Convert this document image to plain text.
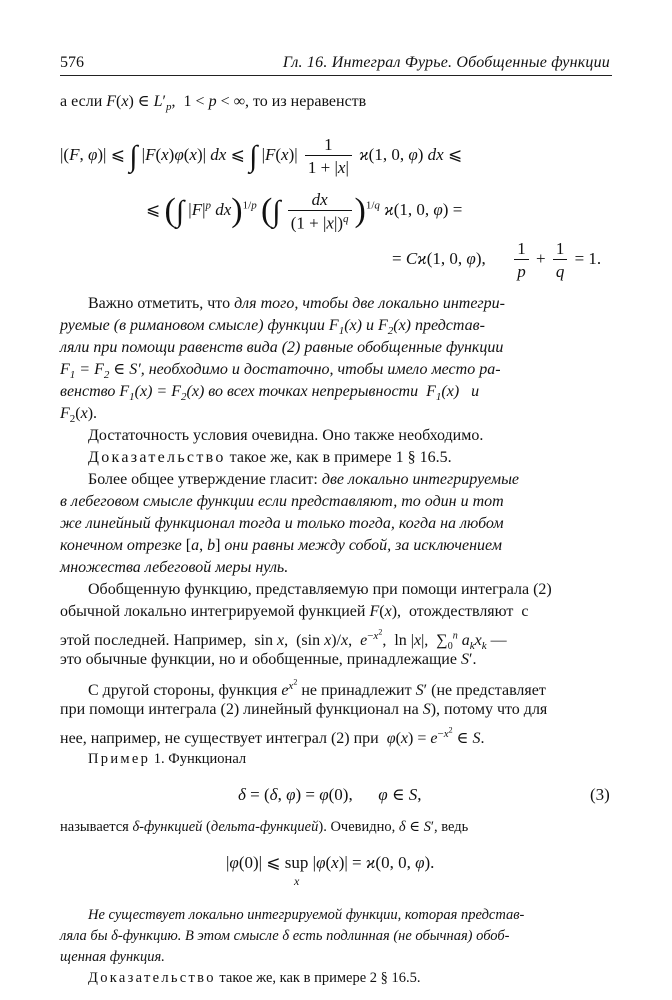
576	Гл. 16. Интеграл Фурье. Обобщенные функции
а если F(x) ∈ $L'_p$,  1 < p < ∞, то из неравенств
|(F, φ)| ⩽ ∫ |F(x)φ(x)| dx ⩽ ∫ $|F(x)| \frac{1}{1 + |x|} ϰ(1$, 0, φ) dx ⩽
⩽ (∫ $|F|^p$ dx)$^{1/p}$ (∫ $\frac{dx}{(1 + |x|)^q} )^{1/q}$ ϰ(1, 0, φ) =
= Cϰ(1, 0, φ), $\frac{1}{p} + \frac{1}{q} = 1$.
Важно отметить, что для того, чтобы две локально интегри-
руемые (в римановом смысле) функции $F_1(x)$ и $F_2(x)$ представ-
ляли при помощи равенств вида (2) равные обобщенные функции
$F_1 = F_2$ ∈ S′, необходимо и достаточно, чтобы имело место ра-
венство $F_1(x) = F_2(x)$ во всех точках непрерывности  $F_1(x)$   и
$F_2(x)$.
Достаточность условия очевидна. Оно также необходимо.
Доказательство такое же, как в примере 1 § 16.5.
Более общее утверждение гласит: две локально интегрируемые
в лебеговом смысле функции если представляют, то один и тот
же линейный функционал тогда и только тогда, когда на любом
конечном отрезке [a, b] они равны между собой, за исключением
множества лебеговой меры нуль.
Обобщенную функцию, представляемую при помощи интеграла (2)
обычной локально интегрируемой функцией F(x),  отождествляют  с
этой последней. Например,  sin x,  (sin x)/x,  $e^{-x^2}$,  ln |x|,  $\sum_0^n$ $a_kx_k$ —
это обычные функции, но и обобщенные, принадлежащие S′.
С другой стороны, функция $e^{x^2}$ не принадлежит S′ (не представляет
при помощи интеграла (2) линейный функционал на S), потому что для
нее, например, не существует интеграл (2) при  $\varphi(x) = e^{-x^2}$ ∈ S.
Пример 1. Функционал
δ = (δ, φ) = φ(0),      φ ∈ S,	(3)
называется δ-функцией (дельта-функцией). Очевидно, δ ∈ S′, ведь
|φ(0)| ⩽ sup
x |φ(x)| = ϰ(0, 0, φ).
Не существует локально интегрируемой функции, которая представ-
ляла бы δ-функцию. В этом смысле δ есть подлинная (не обычная) обоб-
щенная функция.
Доказательство такое же, как в примере 2 § 16.5.
